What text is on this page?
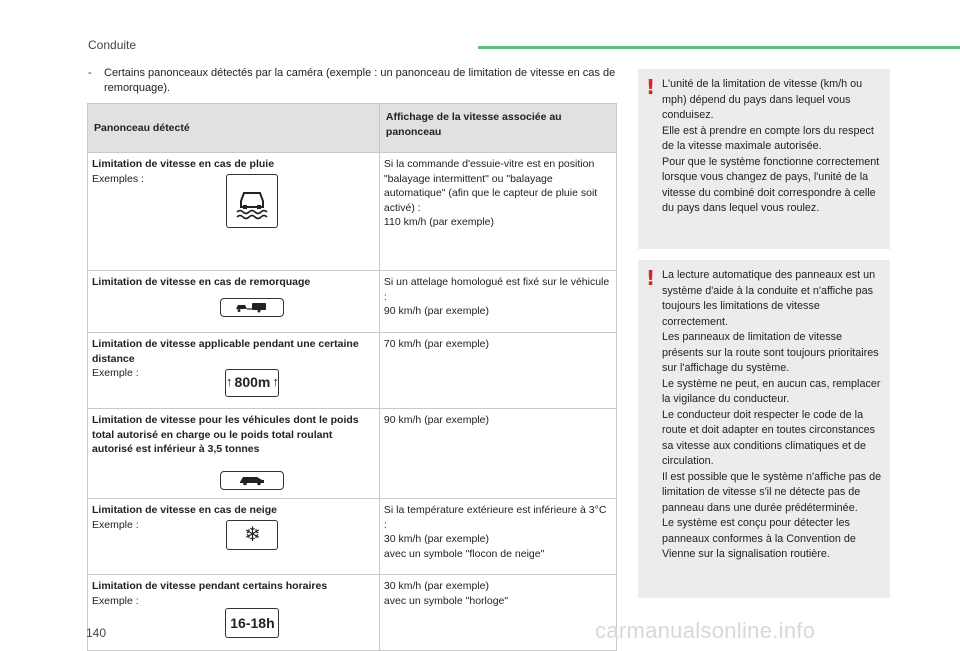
Conduite
-	Certains panonceaux détectés par la caméra (exemple : un panonceau de limitation de vitesse en cas de remorquage).
Panonceau détecté	Affichage de la vitesse associée au panonceau

Limitation de vitesse en cas de pluie
Exemples :	Si la commande d'essuie-vitre est en position "balayage intermittent" ou "balayage automatique" (afin que le capteur de pluie soit activé) :
110 km/h (par exemple)

Limitation de vitesse en cas de remorquage	Si un attelage homologué est fixé sur le véhicule :
90 km/h (par exemple)

Limitation de vitesse applicable pendant une certaine distance
Exemple :
↑ 800m ↑	70 km/h (par exemple)

Limitation de vitesse pour les véhicules dont le poids total autorisé en charge ou le poids total roulant autorisé est inférieur à 3,5 tonnes	90 km/h (par exemple)

Limitation de vitesse en cas de neige
Exemple : ❄	Si la température extérieure est inférieure à 3°C :
30 km/h (par exemple)
avec un symbole "flocon de neige"

Limitation de vitesse pendant certains horaires
Exemple :
16-18h	30 km/h (par exemple)
avec un symbole "horloge"
! L'unité de la limitation de vitesse (km/h ou mph) dépend du pays dans lequel vous conduisez.
Elle est à prendre en compte lors du respect de la vitesse maximale autorisée.
Pour que le système fonctionne correctement lorsque vous changez de pays, l'unité de la vitesse du combiné doit correspondre à celle du pays dans lequel vous roulez.
! La lecture automatique des panneaux est un système d'aide à la conduite et n'affiche pas toujours les limitations de vitesse correctement.
Les panneaux de limitation de vitesse présents sur la route sont toujours prioritaires sur l'affichage du système.
Le système ne peut, en aucun cas, remplacer la vigilance du conducteur.
Le conducteur doit respecter le code de la route et doit adapter en toutes circonstances sa vitesse aux conditions climatiques et de circulation.
Il est possible que le système n'affiche pas de limitation de vitesse s'il ne détecte pas de panneau dans une durée prédéterminée.
Le système est conçu pour détecter les panneaux conformes à la Convention de Vienne sur la signalisation routière.
140	carmanualsonline.info
